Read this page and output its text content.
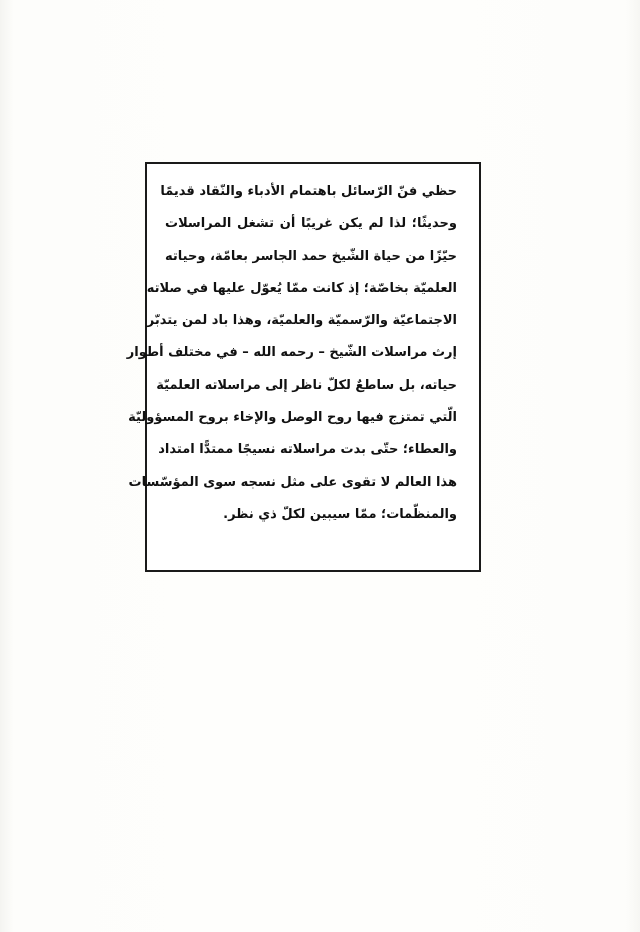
حظي فنّ الرّسائل باهتمام الأدباء والنّقاد قديمًا
وحديثًا؛ لذا لم يكن غريبًا أن تشغل المراسلات
حيّزًا من حياة الشّيخ حمد الجاسر بعامّة، وحياته
العلميّة بخاصّة؛ إذ كانت ممّا يُعوّل عليها في صلاته
الاجتماعيّة والرّسميّة والعلميّة، وهذا باد لمن يتدبّر
إرث مراسلات الشّيخ – رحمه الله – في مختلف أطوار
حياته، بل ساطعٌ لكلّ ناظر إلى مراسلاته العلميّة
الّتي تمتزج فيها روح الوصل والإخاء بروح المسؤوليّة
والعطاء؛ حتّى بدت مراسلاته نسيجًا ممتدًّا امتداد
هذا العالم لا تقوى على مثل نسجه سوى المؤسّسات
والمنظّمات؛ ممّا سيبين لكلّ ذي نظر.
